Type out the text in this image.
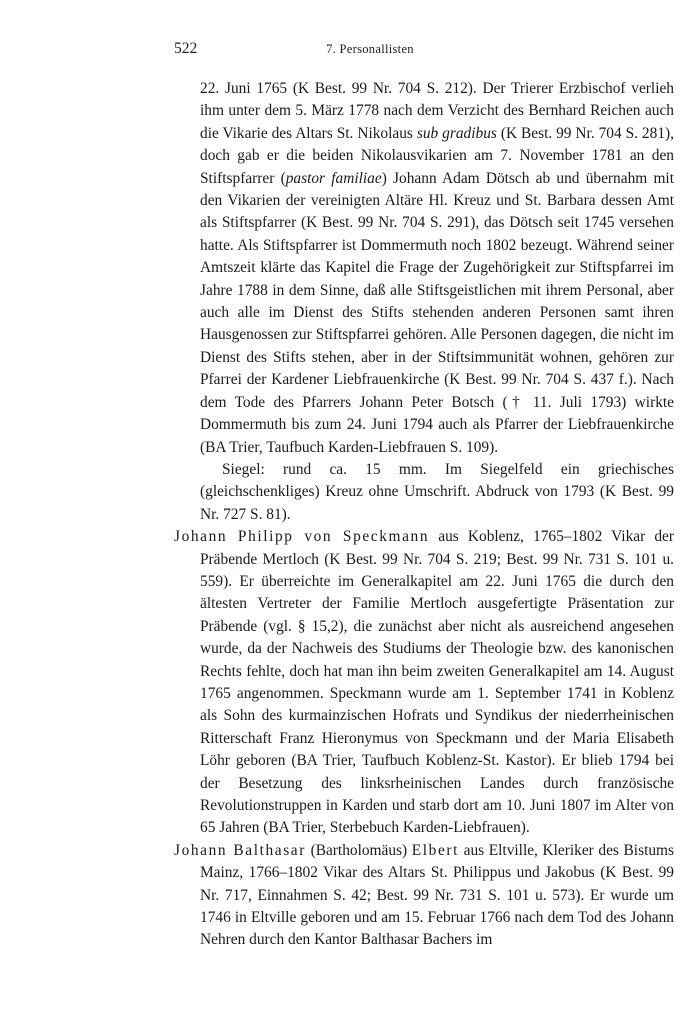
522	7. Personallisten

22. Juni 1765 (K Best. 99 Nr. 704 S. 212). Der Trierer Erzbischof verlieh ihm unter dem 5. März 1778 nach dem Verzicht des Bernhard Reichen auch die Vikarie des Altars St. Nikolaus sub gradibus (K Best. 99 Nr. 704 S. 281), doch gab er die beiden Nikolausvikarien am 7. November 1781 an den Stiftspfarrer (pastor familiae) Johann Adam Dötsch ab und übernahm mit den Vikarien der vereinigten Altäre Hl. Kreuz und St. Barbara dessen Amt als Stiftspfarrer (K Best. 99 Nr. 704 S. 291), das Dötsch seit 1745 versehen hatte. Als Stiftspfarrer ist Dommermuth noch 1802 bezeugt. Während seiner Amtszeit klärte das Kapitel die Frage der Zugehörigkeit zur Stiftspfarrei im Jahre 1788 in dem Sinne, daß alle Stiftsgeistlichen mit ihrem Personal, aber auch alle im Dienst des Stifts stehenden anderen Personen samt ihren Hausgenossen zur Stiftspfarrei gehören. Alle Personen dagegen, die nicht im Dienst des Stifts stehen, aber in der Stiftsimmunität wohnen, gehören zur Pfarrei der Kardener Liebfrauenkirche (K Best. 99 Nr. 704 S. 437 f.). Nach dem Tode des Pfarrers Johann Peter Botsch († 11. Juli 1793) wirkte Dommermuth bis zum 24. Juni 1794 auch als Pfarrer der Liebfrauenkirche (BA Trier, Taufbuch Karden-Liebfrauen S. 109).

Siegel: rund ca. 15 mm. Im Siegelfeld ein griechisches (gleichschenkliges) Kreuz ohne Umschrift. Abdruck von 1793 (K Best. 99 Nr. 727 S. 81).

Johann Philipp von Speckmann aus Koblenz, 1765–1802 Vikar der Präbende Mertloch (K Best. 99 Nr. 704 S. 219; Best. 99 Nr. 731 S. 101 u. 559). Er überreichte im Generalkapitel am 22. Juni 1765 die durch den ältesten Vertreter der Familie Mertloch ausgefertigte Präsentation zur Präbende (vgl. § 15,2), die zunächst aber nicht als ausreichend angesehen wurde, da der Nachweis des Studiums der Theologie bzw. des kanonischen Rechts fehlte, doch hat man ihn beim zweiten Generalkapitel am 14. August 1765 angenommen. Speckmann wurde am 1. September 1741 in Koblenz als Sohn des kurmainzischen Hofrats und Syndikus der niederrheinischen Ritterschaft Franz Hieronymus von Speckmann und der Maria Elisabeth Löhr geboren (BA Trier, Taufbuch Koblenz-St. Kastor). Er blieb 1794 bei der Besetzung des linksrheinischen Landes durch französische Revolutionstruppen in Karden und starb dort am 10. Juni 1807 im Alter von 65 Jahren (BA Trier, Sterbebuch Karden-Liebfrauen).

Johann Balthasar (Bartholomäus) Elbert aus Eltville, Kleriker des Bistums Mainz, 1766–1802 Vikar des Altars St. Philippus und Jakobus (K Best. 99 Nr. 717, Einnahmen S. 42; Best. 99 Nr. 731 S. 101 u. 573). Er wurde um 1746 in Eltville geboren und am 15. Februar 1766 nach dem Tod des Johann Nehren durch den Kantor Balthasar Bachers im
